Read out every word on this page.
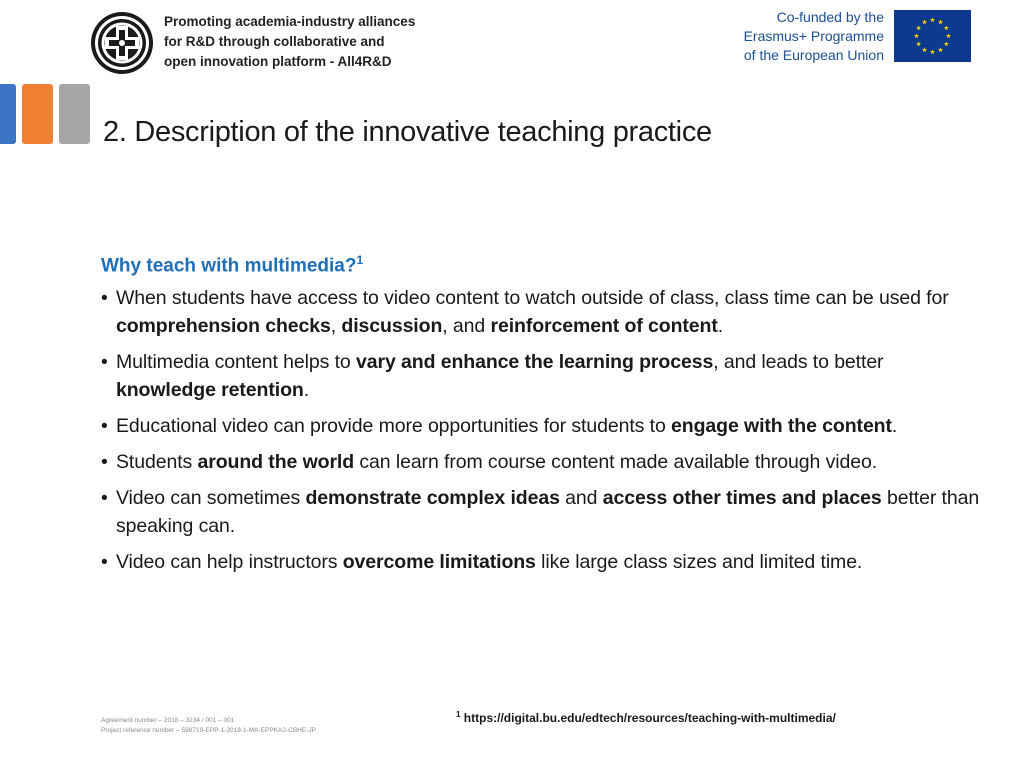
Promoting academia-industry alliances
for R&D through collaborative and
open innovation platform - All4R&D
Co-funded by the
Erasmus+ Programme
of the European Union
2. Description of the innovative teaching practice
Why teach with multimedia?$^1$
• When students have access to video content to watch outside of class, class time can be used for comprehension checks, discussion, and reinforcement of content.
• Multimedia content helps to vary and enhance the learning process, and leads to better knowledge retention.
• Educational video can provide more opportunities for students to engage with the content.
• Students around the world can learn from course content made available through video.
• Video can sometimes demonstrate complex ideas and access other times and places better than speaking can.
• Video can help instructors overcome limitations like large class sizes and limited time.
$^1$ https://digital.bu.edu/edtech/resources/teaching-with-multimedia/
Agreement number – 2018 – 3234 / 001 – 001
Project reference number – 598719-EPP-1-2018-1-MK-EPPKA2-CBHE-JP
